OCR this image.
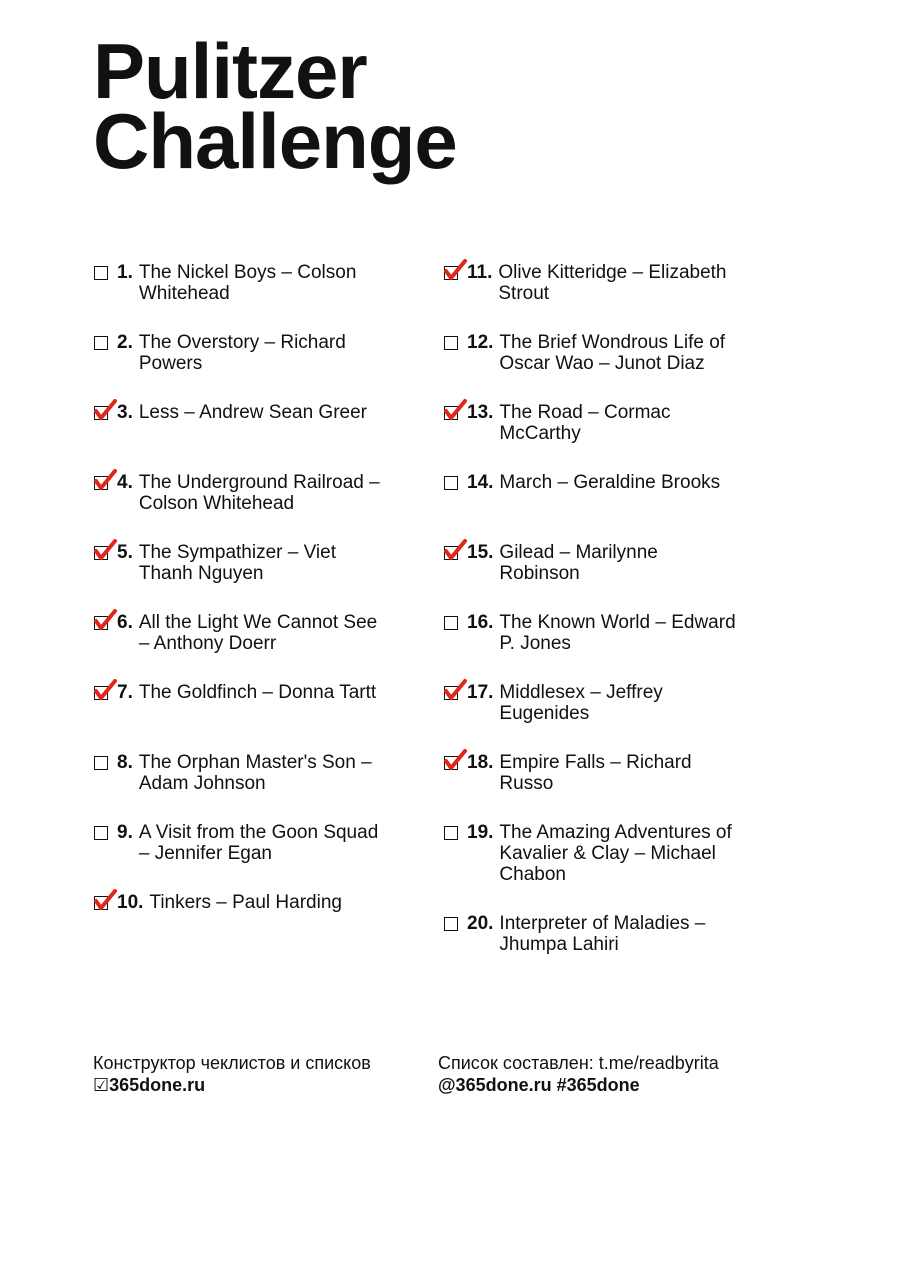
Pulitzer
Challenge
1. The Nickel Boys – Colson Whitehead
2. The Overstory – Richard Powers
3. Less – Andrew Sean Greer
4. The Underground Railroad – Colson Whitehead
5. The Sympathizer – Viet Thanh Nguyen
6. All the Light We Cannot See – Anthony Doerr
7. The Goldfinch – Donna Tartt
8. The Orphan Master's Son – Adam Johnson
9. A Visit from the Goon Squad – Jennifer Egan
10. Tinkers – Paul Harding
11. Olive Kitteridge – Elizabeth Strout
12. The Brief Wondrous Life of Oscar Wao – Junot Diaz
13. The Road – Cormac McCarthy
14. March – Geraldine Brooks
15. Gilead – Marilynne Robinson
16. The Known World – Edward P. Jones
17. Middlesex – Jeffrey Eugenides
18. Empire Falls – Richard Russo
19. The Amazing Adventures of Kavalier & Clay – Michael Chabon
20. Interpreter of Maladies – Jhumpa Lahiri
Конструктор чеклистов и списков
☑365done.ru
Список составлен: t.me/readbyrita
@365done.ru #365done
